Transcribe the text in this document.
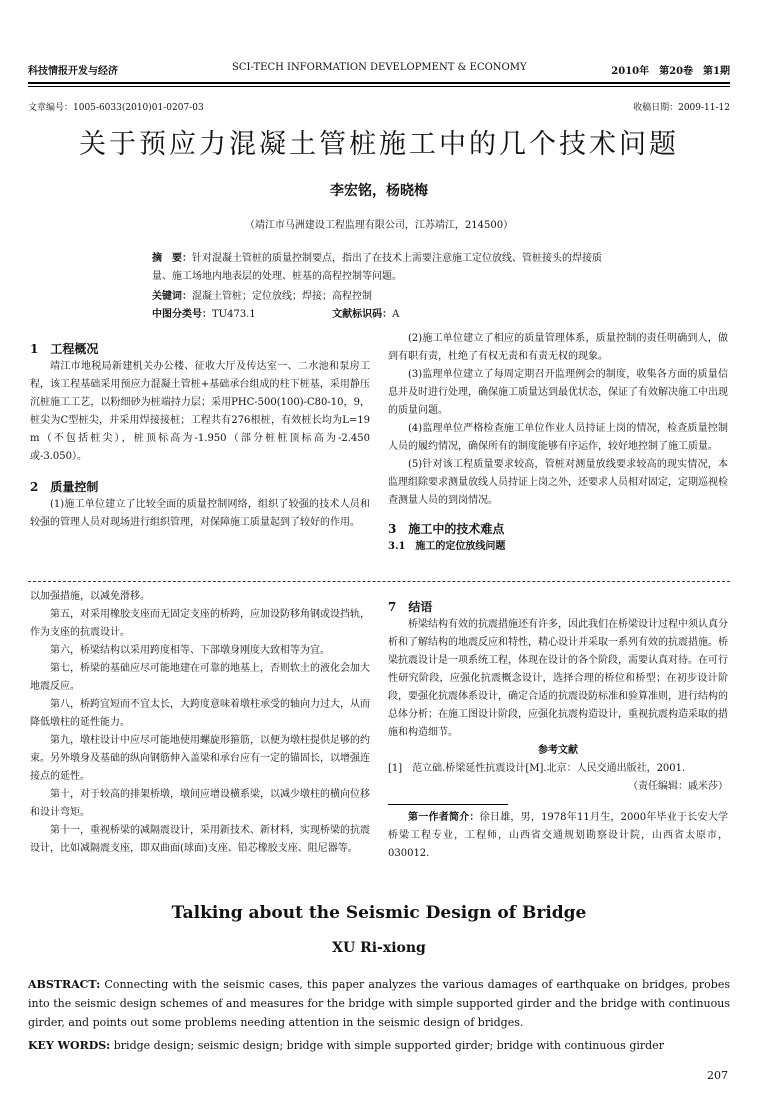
科技情报开发与经济	SCI-TECH INFORMATION DEVELOPMENT & ECONOMY	2010年　第20卷　第1期
文章编号：1005-6033(2010)01-0207-03	收稿日期：2009-11-12
关于预应力混凝土管桩施工中的几个技术问题
李宏铭，杨晓梅
（靖江市马洲建设工程监理有限公司，江苏靖江，214500）
摘　要：针对混凝土管桩的质量控制要点，指出了在技术上需要注意施工定位放线、管桩接头的焊接质量、施工场地内地表层的处理、桩基的高程控制等问题。
关键词：混凝土管桩；定位放线；焊接；高程控制
中图分类号：TU473.1	文献标识码：A

1　工程概况

靖江市地税局新建机关办公楼、征收大厅及传达室一、二水池和泵房工程，该工程基础采用预应力混凝土管桩+基础承台组成的柱下桩基，采用静压沉桩施工工艺，以粉细砂为桩端持力层；采用PHC-500(100)-C80-10，9，桩尖为C型桩尖，并采用焊接接桩；工程共有276根桩，有效桩长均为L=19 m（不包括桩尖），桩顶标高为-1.950（部分桩桩顶标高为-2.450或-3.050）。

2　质量控制

(1)施工单位建立了比较全面的质量控制网络，组织了较强的技术人员和较强的管理人员对现场进行组织管理，对保障施工质量起到了较好的作用。

(2)施工单位建立了相应的质量管理体系，质量控制的责任明确到人，做到有职有责，杜绝了有权无责和有责无权的现象。

(3)监理单位建立了每周定期召开监理例会的制度，收集各方面的质量信息并及时进行处理，确保施工质量达到最优状态，保证了有效解决施工中出现的质量问题。

(4)监理单位严格检查施工单位作业人员持证上岗的情况，检查质量控制人员的履约情况，确保所有的制度能够有序运作，较好地控制了施工质量。

(5)针对该工程质量要求较高，管桩对测量放线要求较高的现实情况，本监理组除要求测量放线人员持证上岗之外，还要求人员相对固定，定期巡视检查测量人员的到岗情况。

3　施工中的技术难点

3.1　施工的定位放线问题

以加强措施，以减免滑移。

第五，对采用橡胶支座而无固定支座的桥跨，应加设防移角钢或设挡轨，作为支座的抗震设计。

第六，桥梁结构以采用跨度相等、下部墩身刚度大致相等为宜。

第七，桥梁的基础应尽可能地建在可靠的地基上，否则软土的液化会加大地震反应。

第八，桥跨宜短而不宜太长，大跨度意味着墩柱承受的轴向力过大，从而降低墩柱的延性能力。

第九，墩柱设计中应尽可能地使用螺旋形箍筋，以便为墩柱提供足够的约束。另外墩身及基础的纵向钢筋伸入盖梁和承台应有一定的锚固长，以增强连接点的延性。

第十，对于较高的排架桥墩，墩间应增设横系梁，以减少墩柱的横向位移和设计弯矩。

第十一，重视桥梁的减隔震设计，采用新技术、新材料，实现桥梁的抗震设计，比如减隔震支座，即双曲面(球面)支座、铅芯橡胶支座、阻尼器等。

7　结语

桥梁结构有效的抗震措施还有许多，因此我们在桥梁设计过程中须认真分析和了解结构的地震反应和特性，精心设计并采取一系列有效的抗震措施。桥梁抗震设计是一项系统工程，体现在设计的各个阶段，需要认真对待。在可行性研究阶段，应强化抗震概念设计，选择合理的桥位和桥型；在初步设计阶段，要强化抗震体系设计，确定合适的抗震设防标准和验算准则，进行结构的总体分析；在施工图设计阶段，应强化抗震构造设计，重视抗震构造采取的措施和构造细节。

参考文献

[1]　范立础.桥梁延性抗震设计[M].北京：人民交通出版社，2001.

（责任编辑：戚米莎）

第一作者简介：徐日雄，男，1978年11月生，2000年毕业于长安大学桥梁工程专业，工程师，山西省交通规划勘察设计院，山西省太原市，030012.

Talking about the Seismic Design of Bridge
XU Ri-xiong
ABSTRACT: Connecting with the seismic cases, this paper analyzes the various damages of earthquake on bridges, probes into the seismic design schemes of and measures for the bridge with simple supported girder and the bridge with continuous girder, and points out some problems needing attention in the seismic design of bridges.
KEY WORDS: bridge design; seismic design; bridge with simple supported girder; bridge with continuous girder
207
